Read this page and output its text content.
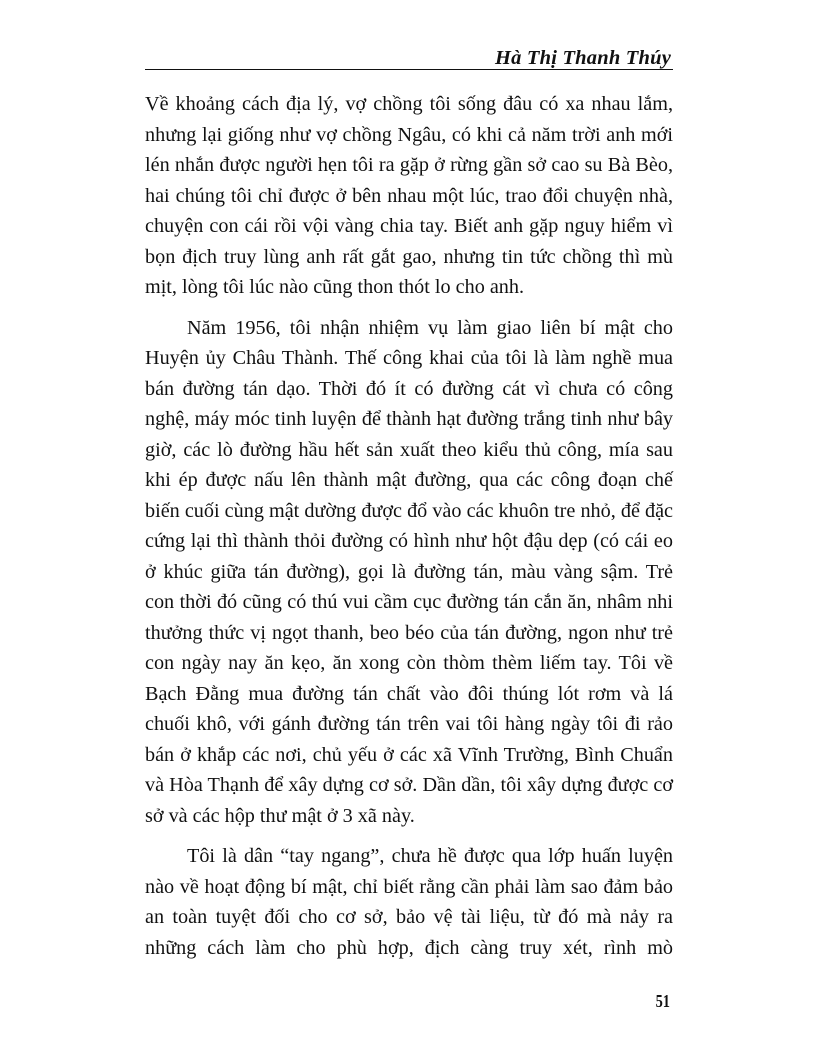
Hà Thị Thanh Thúy

Về khoảng cách địa lý, vợ chồng tôi sống đâu có xa nhau lắm, nhưng lại giống như vợ chồng Ngâu, có khi cả năm trời anh mới lén nhắn được người hẹn tôi ra gặp ở rừng gần sở cao su Bà Bèo, hai chúng tôi chỉ được ở bên nhau một lúc, trao đổi chuyện nhà, chuyện con cái rồi vội vàng chia tay. Biết anh gặp nguy hiểm vì bọn địch truy lùng anh rất gắt gao, nhưng tin tức chồng thì mù mịt, lòng tôi lúc nào cũng thon thót lo cho anh.

Năm 1956, tôi nhận nhiệm vụ làm giao liên bí mật cho Huyện ủy Châu Thành. Thế công khai của tôi là làm nghề mua bán đường tán dạo. Thời đó ít có đường cát vì chưa có công nghệ, máy móc tinh luyện để thành hạt đường trắng tinh như bây giờ, các lò đường hầu hết sản xuất theo kiểu thủ công, mía sau khi ép được nấu lên thành mật đường, qua các công đoạn chế biến cuối cùng mật dường được đổ vào các khuôn tre nhỏ, để đặc cứng lại thì thành thỏi đường có hình như hột đậu dẹp (có cái eo ở khúc giữa tán đường), gọi là đường tán, màu vàng sậm. Trẻ con thời đó cũng có thú vui cầm cục đường tán cắn ăn, nhâm nhi thưởng thức vị ngọt thanh, beo béo của tán đường, ngon như trẻ con ngày nay ăn kẹo, ăn xong còn thòm thèm liếm tay. Tôi về Bạch Đằng mua đường tán chất vào đôi thúng lót rơm và lá chuối khô, với gánh đường tán trên vai tôi hàng ngày tôi đi rảo bán ở khắp các nơi, chủ yếu ở các xã Vĩnh Trường, Bình Chuẩn và Hòa Thạnh để xây dựng cơ sở. Dần dần, tôi xây dựng được cơ sở và các hộp thư mật ở 3 xã này.

Tôi là dân “tay ngang”, chưa hề được qua lớp huấn luyện nào về hoạt động bí mật, chỉ biết rằng cần phải làm sao đảm bảo an toàn tuyệt đối cho cơ sở, bảo vệ tài liệu, từ đó mà nảy ra những cách làm cho phù hợp, địch càng truy xét, rình mò

51
